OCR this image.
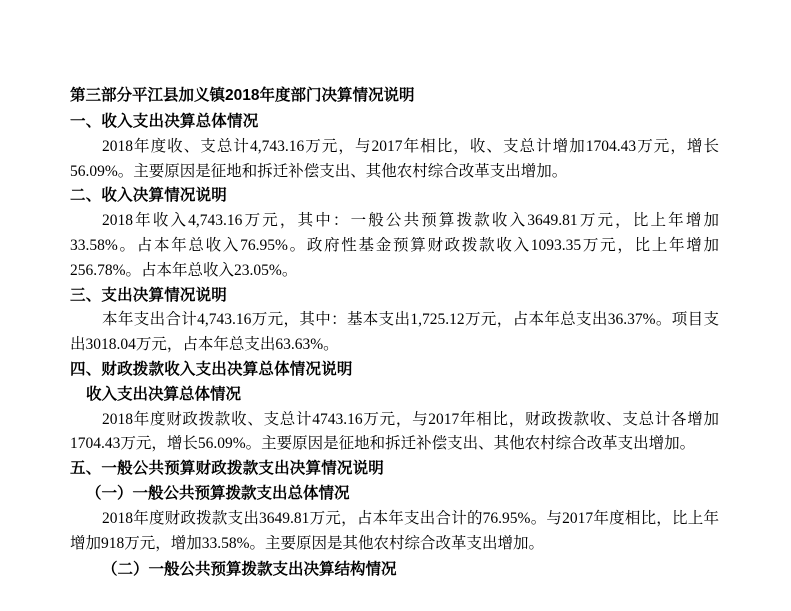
第三部分平江县加义镇2018年度部门决算情况说明

一、收入支出决算总体情况

2018年度收、支总计4,743.16万元，与2017年相比，收、支总计增加1704.43万元，增长56.09%。主要原因是征地和拆迁补偿支出、其他农村综合改革支出增加。

二、收入决算情况说明

2018年收入4,743.16万元，其中：一般公共预算拨款收入3649.81万元，比上年增加33.58%。占本年总收入76.95%。政府性基金预算财政拨款收入1093.35万元，比上年增加256.78%。占本年总收入23.05%。

三、支出决算情况说明

本年支出合计4,743.16万元，其中：基本支出1,725.12万元，占本年总支出36.37%。项目支出3018.04万元，占本年总支出63.63%。

四、财政拨款收入支出决算总体情况说明

收入支出决算总体情况

2018年度财政拨款收、支总计4743.16万元，与2017年相比，财政拨款收、支总计各增加1704.43万元，增长56.09%。主要原因是征地和拆迁补偿支出、其他农村综合改革支出增加。

五、一般公共预算财政拨款支出决算情况说明

（一）一般公共预算拨款支出总体情况

2018年度财政拨款支出3649.81万元，占本年支出合计的76.95%。与2017年度相比，比上年增加918万元，增加33.58%。主要原因是其他农村综合改革支出增加。

（二）一般公共预算拨款支出决算结构情况
